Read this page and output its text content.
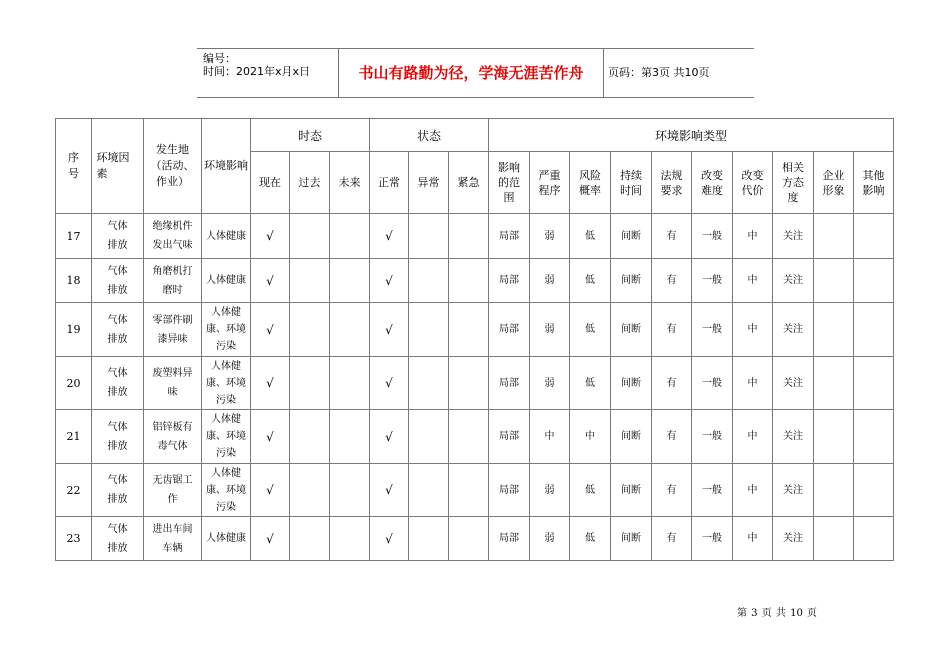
编号：
时间：2021年x月x日	书山有路勤为径，学海无涯苦作舟	页码：第3页 共10页
序号	环境因素	发生地（活动、作业）	环境影响	时态			状态			环境影响类型									
				现在	过去	未来	正常	异常	紧急	影响的范围	严重程序	风险概率	持续时间	法规要求	改变难度	改变代价	相关方态度	企业形象	其他影响

17	气体排放	绝缘机件发出气味	人体健康	√			√			局部	弱	低	间断	有	一般	中	关注		
18	气体排放	角磨机打磨时	人体健康	√			√			局部	弱	低	间断	有	一般	中	关注		
19	气体排放	零部件刷漆异味	人体健康、环境污染	√			√			局部	弱	低	间断	有	一般	中	关注		
20	气体排放	废塑料异味	人体健康、环境污染	√			√			局部	弱	低	间断	有	一般	中	关注		
21	气体排放	铝锌板有毒气体	人体健康、环境污染	√			√			局部	中	中	间断	有	一般	中	关注		
22	气体排放	无齿锯工作	人体健康、环境污染	√			√			局部	弱	低	间断	有	一般	中	关注		
23	气体排放	进出车间车辆	人体健康	√			√			局部	弱	低	间断	有	一般	中	关注		
第 3 页 共 10 页
